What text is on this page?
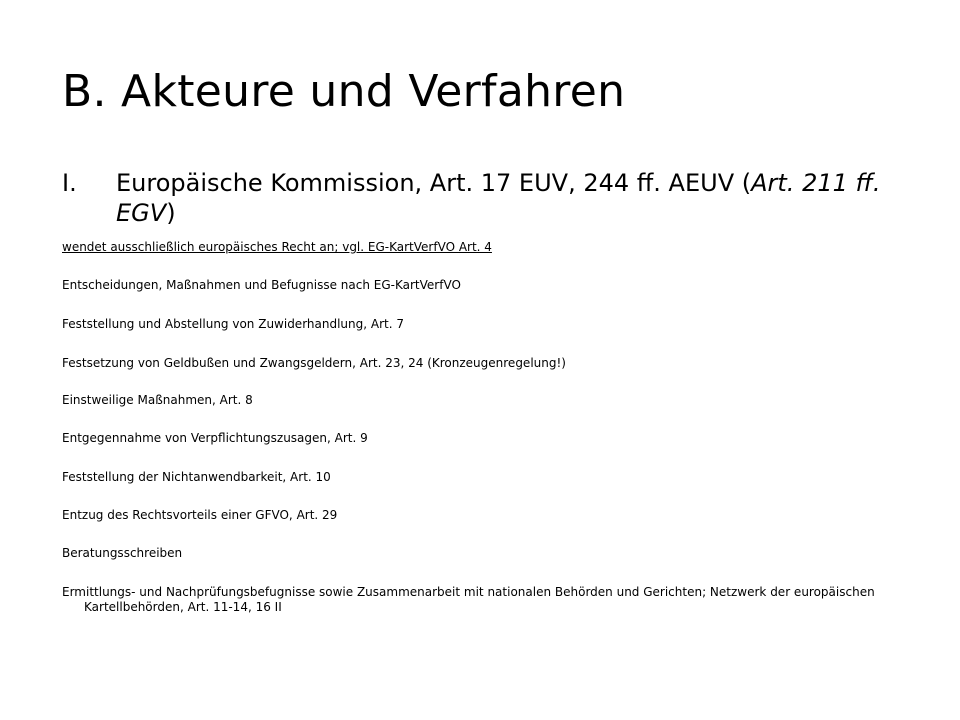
B. Akteure und Verfahren
I. Europäische Kommission, Art. 17 EUV, 244 ff. AEUV (Art. 211 ff. EGV)
wendet ausschließlich europäisches Recht an; vgl. EG-KartVerfVO Art. 4
Entscheidungen, Maßnahmen und Befugnisse nach EG-KartVerfVO
Feststellung und Abstellung von Zuwiderhandlung, Art. 7
Festsetzung von Geldbußen und Zwangsgeldern, Art. 23, 24 (Kronzeugenregelung!)
Einstweilige Maßnahmen, Art. 8
Entgegennahme von Verpflichtungszusagen, Art. 9
Feststellung der Nichtanwendbarkeit, Art. 10
Entzug des Rechtsvorteils einer GFVO, Art. 29
Beratungsschreiben
Ermittlungs- und Nachprüfungsbefugnisse sowie Zusammenarbeit mit nationalen Behörden und Gerichten; Netzwerk der europäischen Kartellbehörden, Art. 11-14, 16 II
